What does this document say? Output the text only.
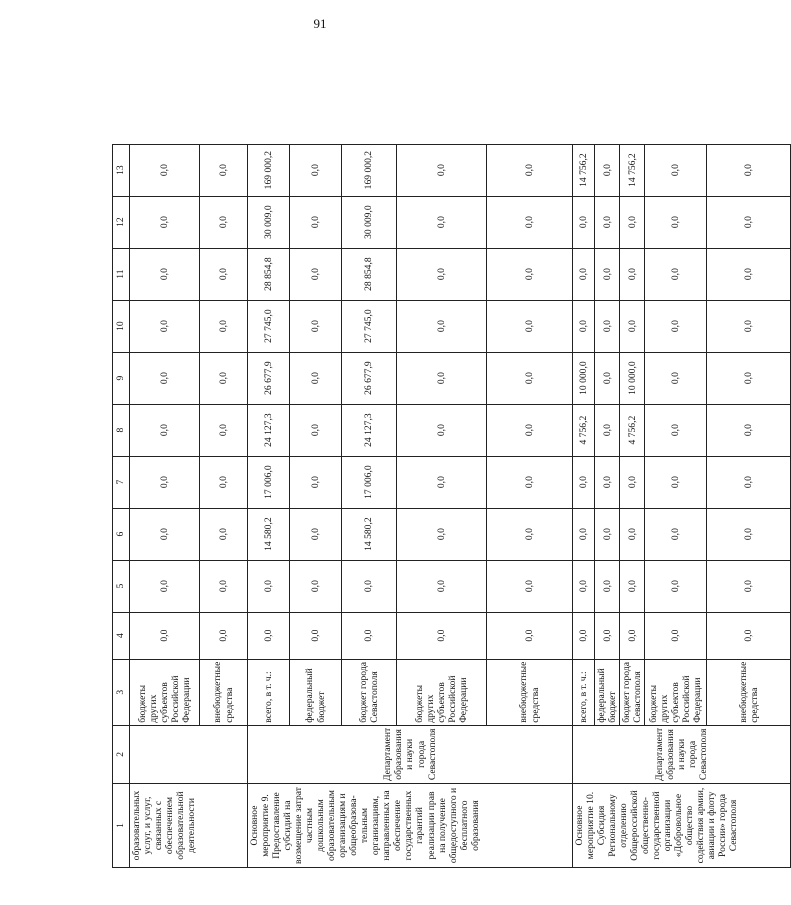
91
1	2	3	4	5	6	7	8	9	10	11	12	13
образовательных услуг, и услуг, связанных с обеспечением образовательной деятельности		бюджеты других субъектов Российской Федерации	0,0	0,0	0,0	0,0	0,0	0,0	0,0	0,0	0,0	0,0
		внебюджетные средства	0,0	0,0	0,0	0,0	0,0	0,0	0,0	0,0	0,0	0,0
Основное мероприятие 9. Предоставление субсидий на возмещение затрат частным дошкольным образовательным организациям и общеобразова-тельным организациям, направленных на обеспечение государственных гарантий реализации прав на получение общедоступного и бесплатного образования	Департамент образования и науки города Севастополя	всего, в т. ч.:	0,0	0,0	14 580,2	17 006,0	24 127,3	26 677,9	27 745,0	28 854,8	30 009,0	169 000,2
		федеральный бюджет	0,0	0,0	0,0	0,0	0,0	0,0	0,0	0,0	0,0	0,0
		бюджет города Севастополя	0,0	0,0	14 580,2	17 006,0	24 127,3	26 677,9	27 745,0	28 854,8	30 009,0	169 000,2
		бюджеты других субъектов Российской Федерации	0,0	0,0	0,0	0,0	0,0	0,0	0,0	0,0	0,0	0,0
		внебюджетные средства	0,0	0,0	0,0	0,0	0,0	0,0	0,0	0,0	0,0	0,0
Основное мероприятие 10. Субсидия Региональному отделению Общероссийской общественно-государственной организации «Добровольное общество содействия армии, авиации и флоту России» города Севастополя	Департамент образования и науки города Севастополя	всего, в т. ч.:	0,0	0,0	0,0	0,0	4 756,2	10 000,0	0,0	0,0	0,0	14 756,2
		федеральный бюджет	0,0	0,0	0,0	0,0	0,0	0,0	0,0	0,0	0,0	0,0
		бюджет города Севастополя	0,0	0,0	0,0	0,0	4 756,2	10 000,0	0,0	0,0	0,0	14 756,2
		бюджеты других субъектов Российской Федерации	0,0	0,0	0,0	0,0	0,0	0,0	0,0	0,0	0,0	0,0
		внебюджетные средства	0,0	0,0	0,0	0,0	0,0	0,0	0,0	0,0	0,0	0,0
